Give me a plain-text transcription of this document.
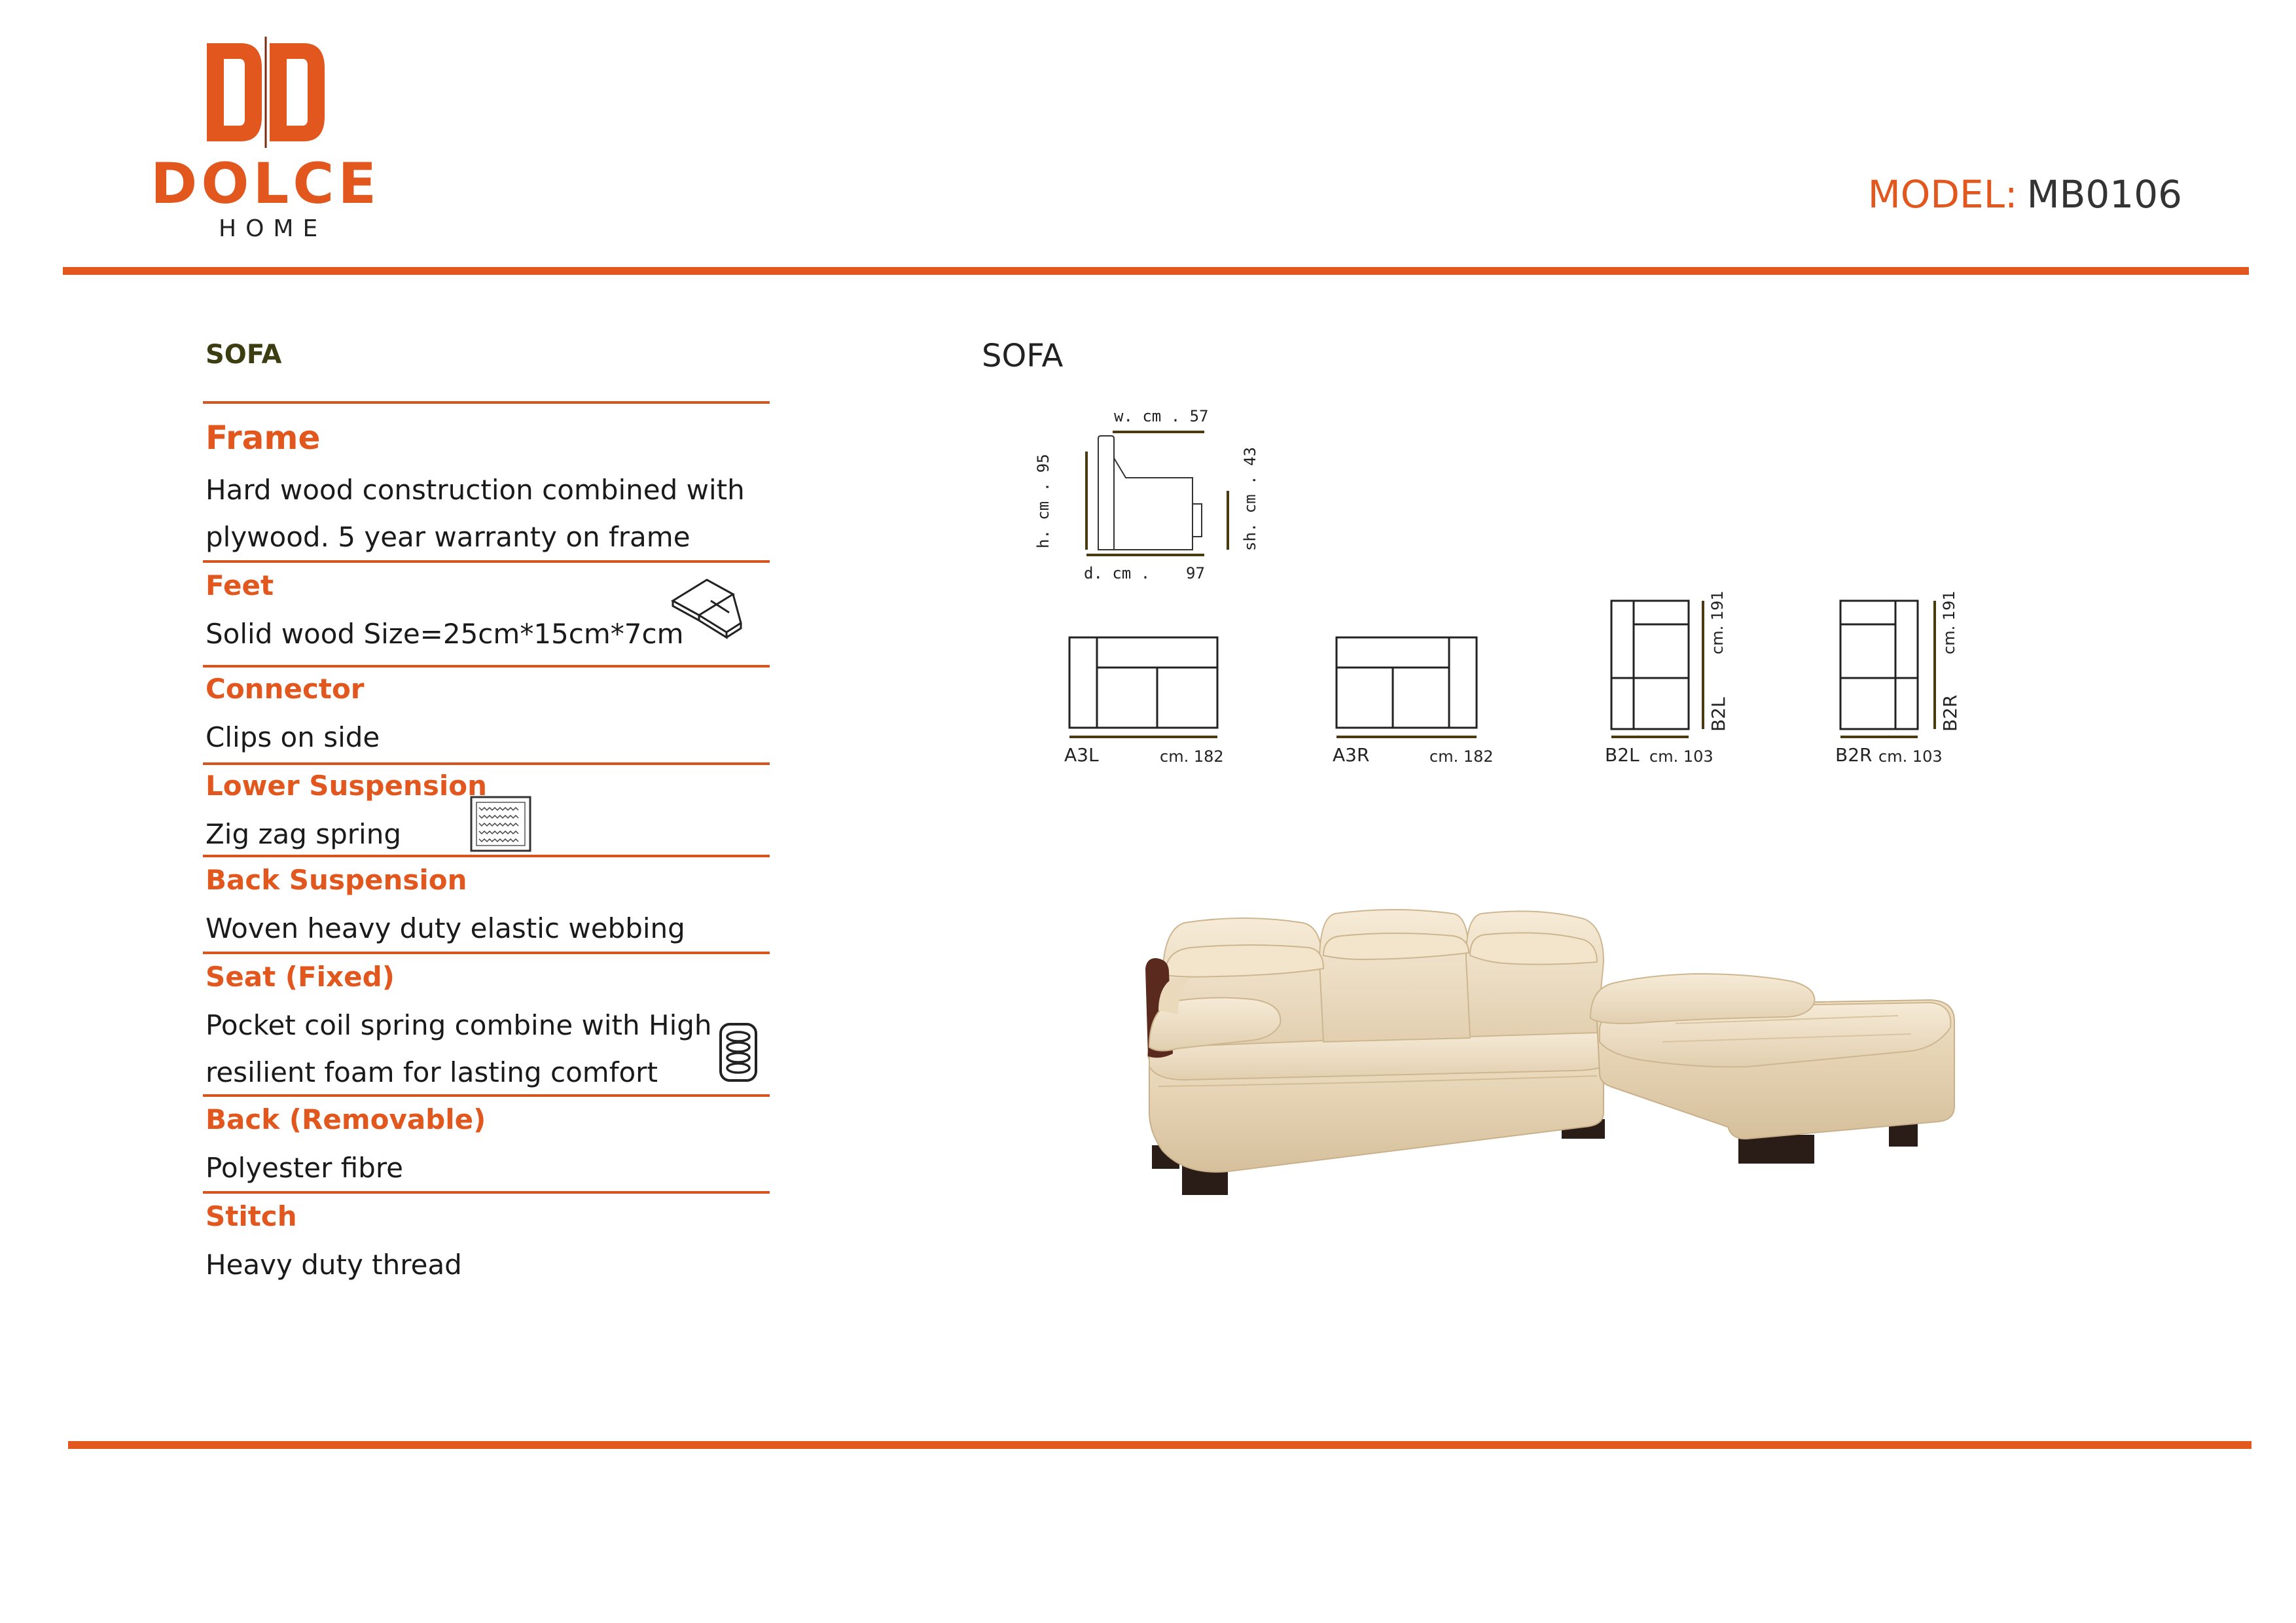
DOLCE
HOME
MODEL: MB0106
SOFA
Frame
Hard wood construction combined with
plywood. 5 year warranty on frame
Feet
Solid wood Size=25cm*15cm*7cm
Connector
Clips on side
Lower Suspension
Zig zag spring
Back Suspension
Woven heavy duty elastic webbing
Seat (Fixed)
Pocket coil spring combine with High
resilient foam for lasting comfort
Back (Removable)
Polyester fibre
Stitch
Heavy duty thread
SOFA
w. cm . 57
h. cm . 95	sh. cm . 43
d. cm . 97
A3L	cm. 182	A3R	cm. 182	B2L cm. 103
cm. 191
B2L
B2R cm. 103
cm. 191
B2R
